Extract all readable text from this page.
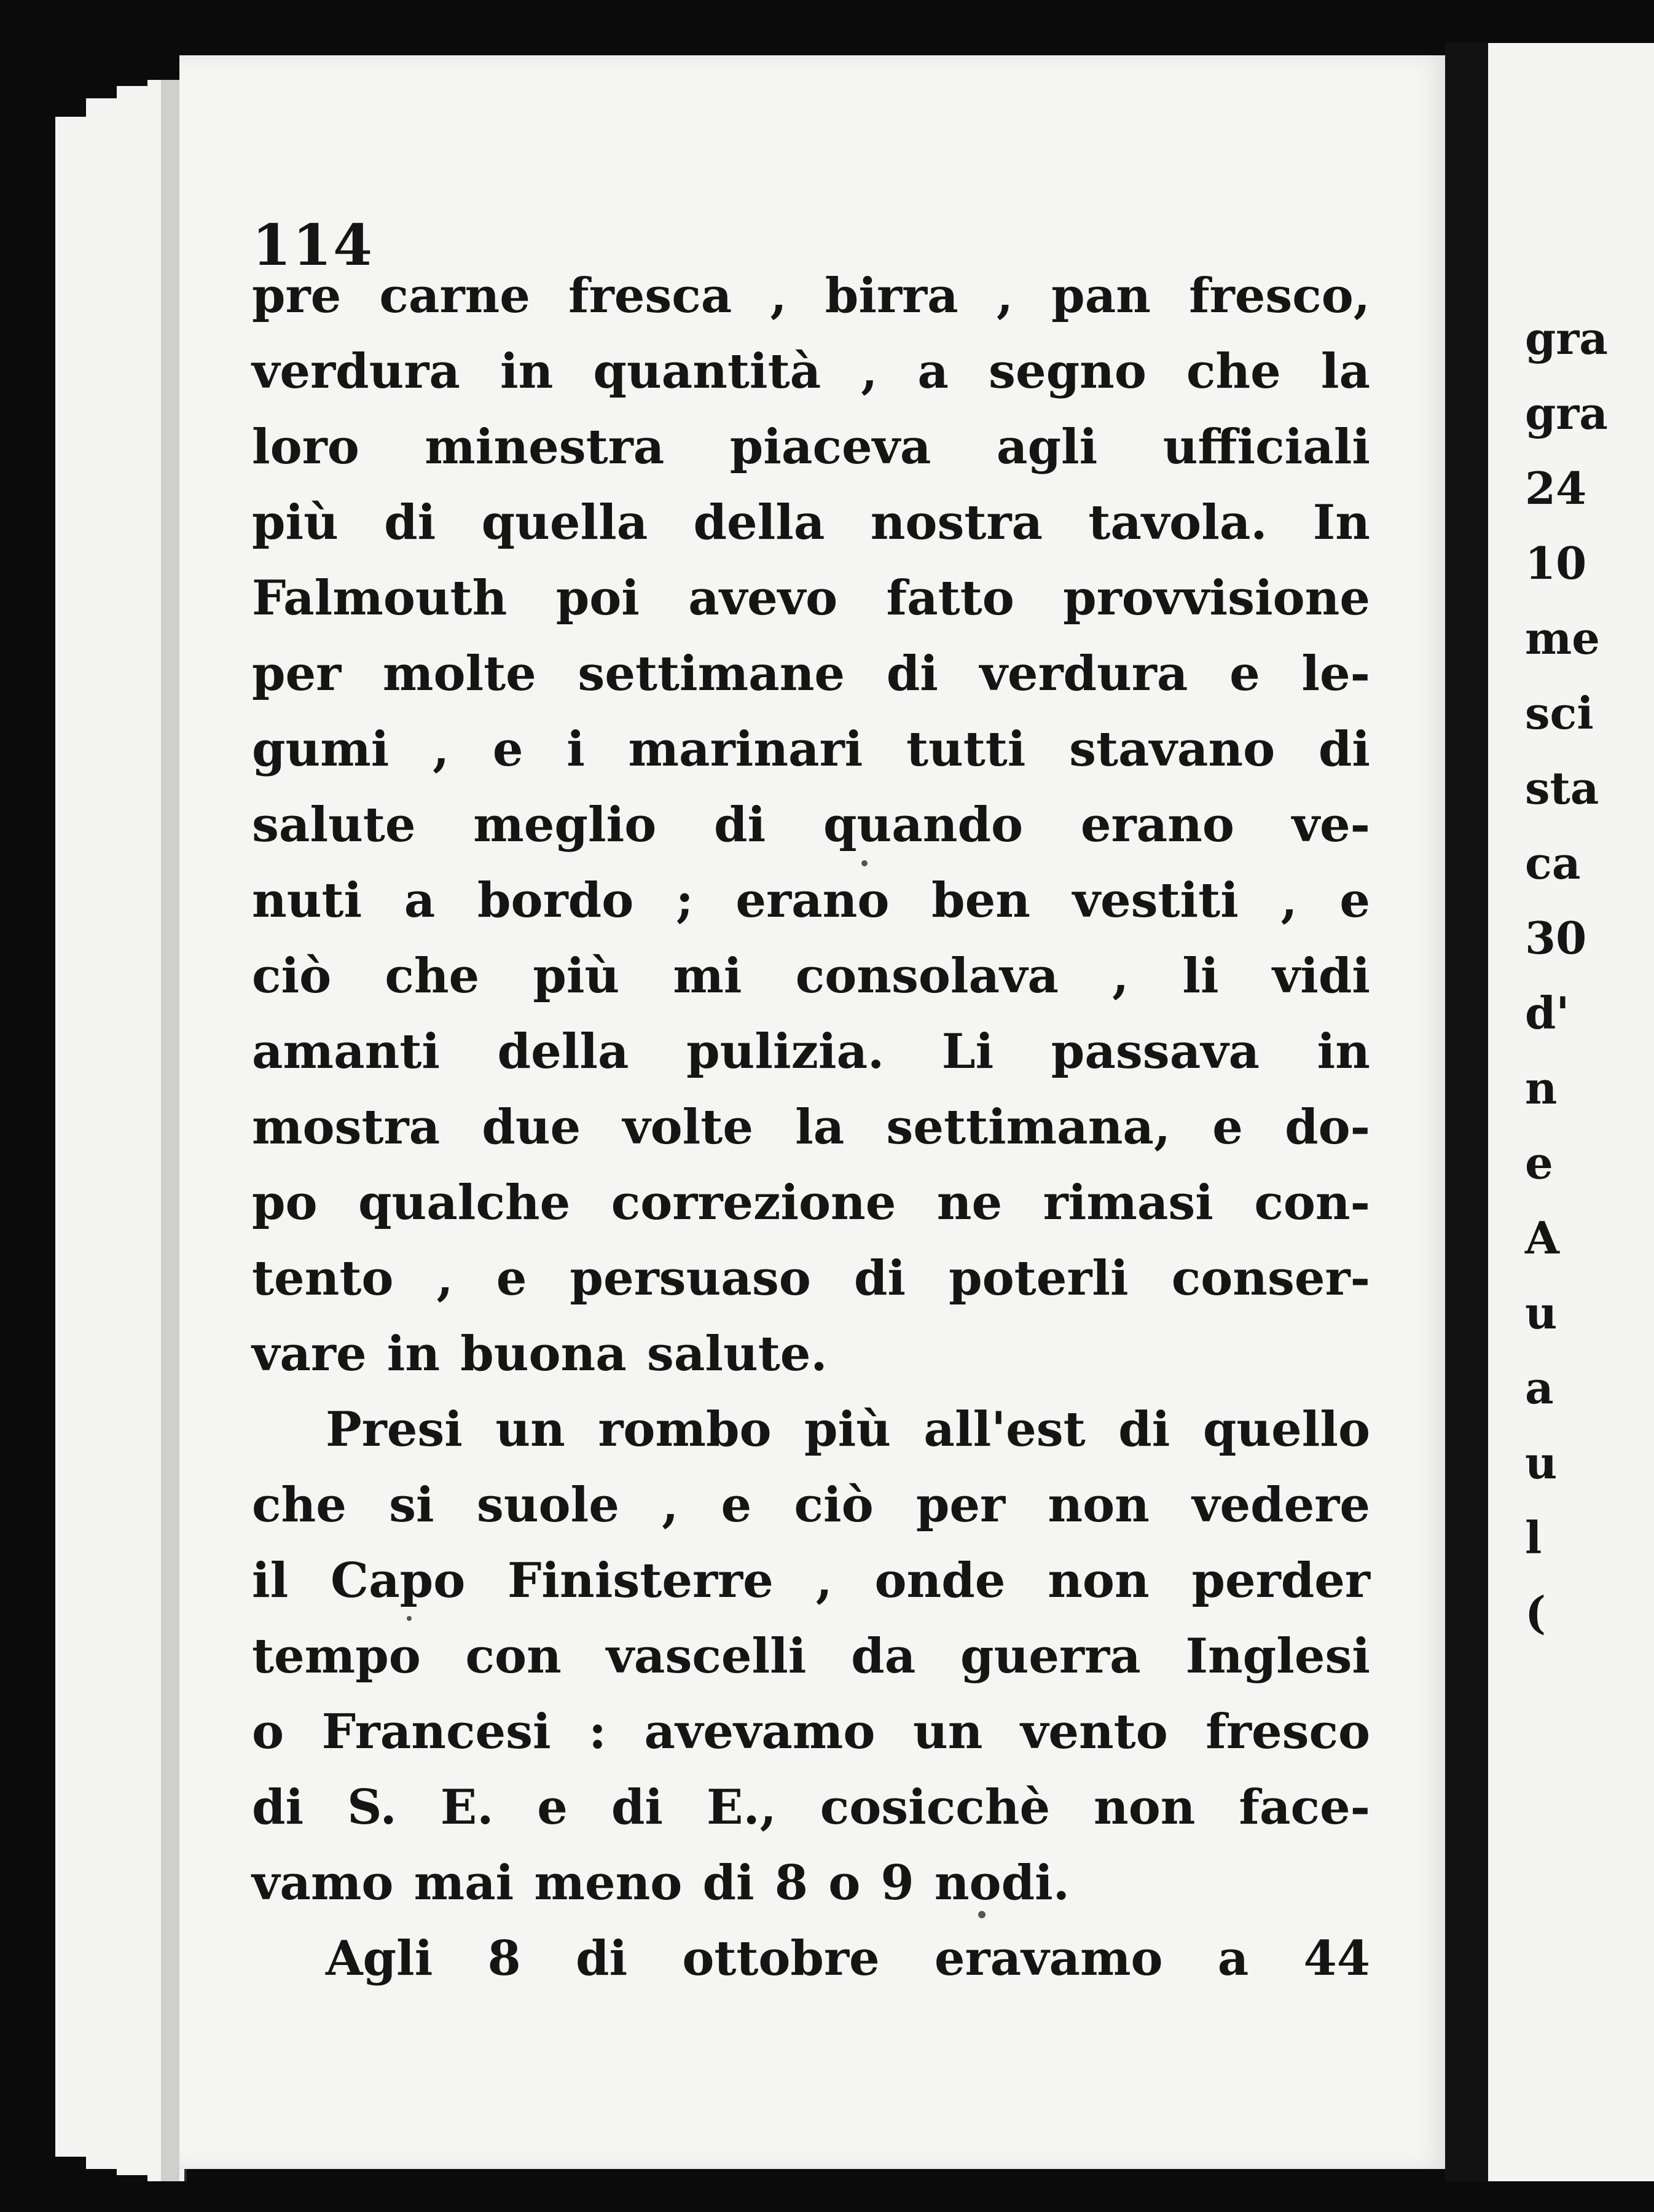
114
pre carne fresca , birra , pan fresco,
verdura in quantità , a segno che la
loro minestra piaceva agli ufficiali
più di quella della nostra tavola. In
Falmouth poi avevo fatto provvisione
per molte settimane di verdura e le-
gumi , e i marinari tutti stavano di
salute meglio di quando erano ve-
nuti a bordo ; erano ben vestiti , e
ciò che più mi consolava , li vidi
amanti della pulizia. Li passava in
mostra due volte la settimana, e do-
po qualche correzione ne rimasi con-
tento , e persuaso di poterli conser-
vare in buona salute.
Presi un rombo più all'est di quello
che si suole , e ciò per non vedere
il Capo Finisterre , onde non perder
tempo con vascelli da guerra Inglesi
o Francesi : avevamo un vento fresco
di S. E. e di E., cosicchè non face-
vamo mai meno di 8 o 9 nodi.
Agli 8 di ottobre eravamo a 44
gra
gra
24
10
me
sci
sta
ca
30
d'
n
e
A
u
a
u
l
(
